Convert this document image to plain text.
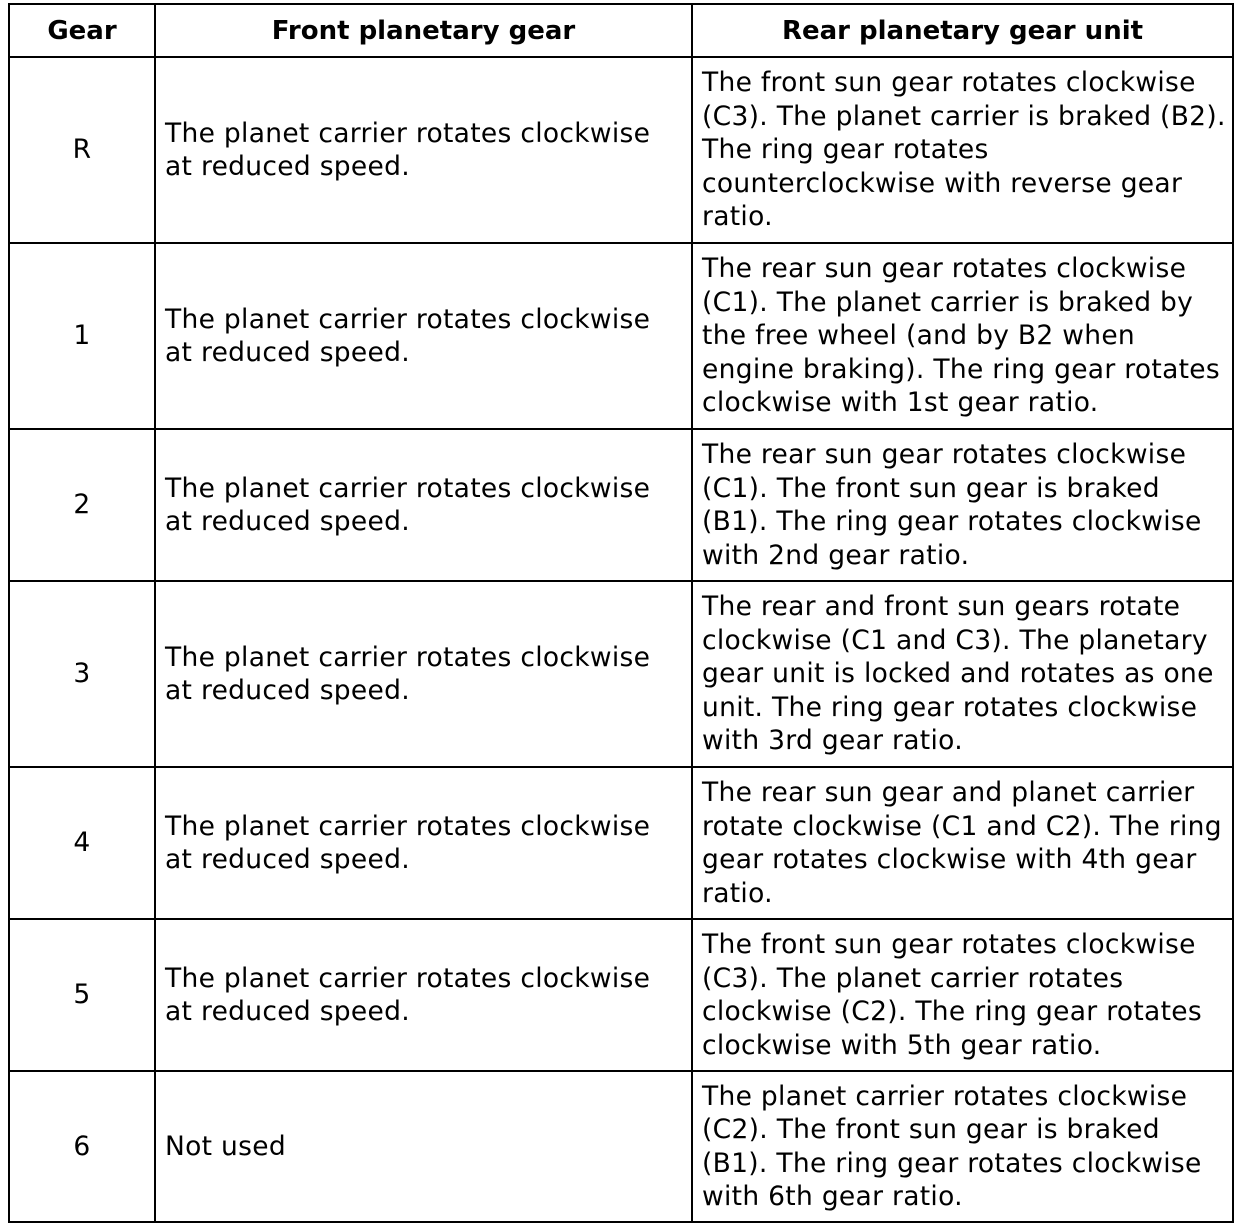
Gear	Front planetary gear	Rear planetary gear unit
R	The planet carrier rotates clockwise at reduced speed.	The front sun gear rotates clockwise (C3). The planet carrier is braked (B2). The ring gear rotates counterclockwise with reverse gear ratio.
1	The planet carrier rotates clockwise at reduced speed.	The rear sun gear rotates clockwise (C1). The planet carrier is braked by the free wheel (and by B2 when engine braking). The ring gear rotates clockwise with 1st gear ratio.
2	The planet carrier rotates clockwise at reduced speed.	The rear sun gear rotates clockwise (C1). The front sun gear is braked (B1). The ring gear rotates clockwise with 2nd gear ratio.
3	The planet carrier rotates clockwise at reduced speed.	The rear and front sun gears rotate clockwise (C1 and C3). The planetary gear unit is locked and rotates as one unit. The ring gear rotates clockwise with 3rd gear ratio.
4	The planet carrier rotates clockwise at reduced speed.	The rear sun gear and planet carrier rotate clockwise (C1 and C2). The ring gear rotates clockwise with 4th gear ratio.
5	The planet carrier rotates clockwise at reduced speed.	The front sun gear rotates clockwise (C3). The planet carrier rotates clockwise (C2). The ring gear rotates clockwise with 5th gear ratio.
6	Not used	The planet carrier rotates clockwise (C2). The front sun gear is braked (B1). The ring gear rotates clockwise with 6th gear ratio.
